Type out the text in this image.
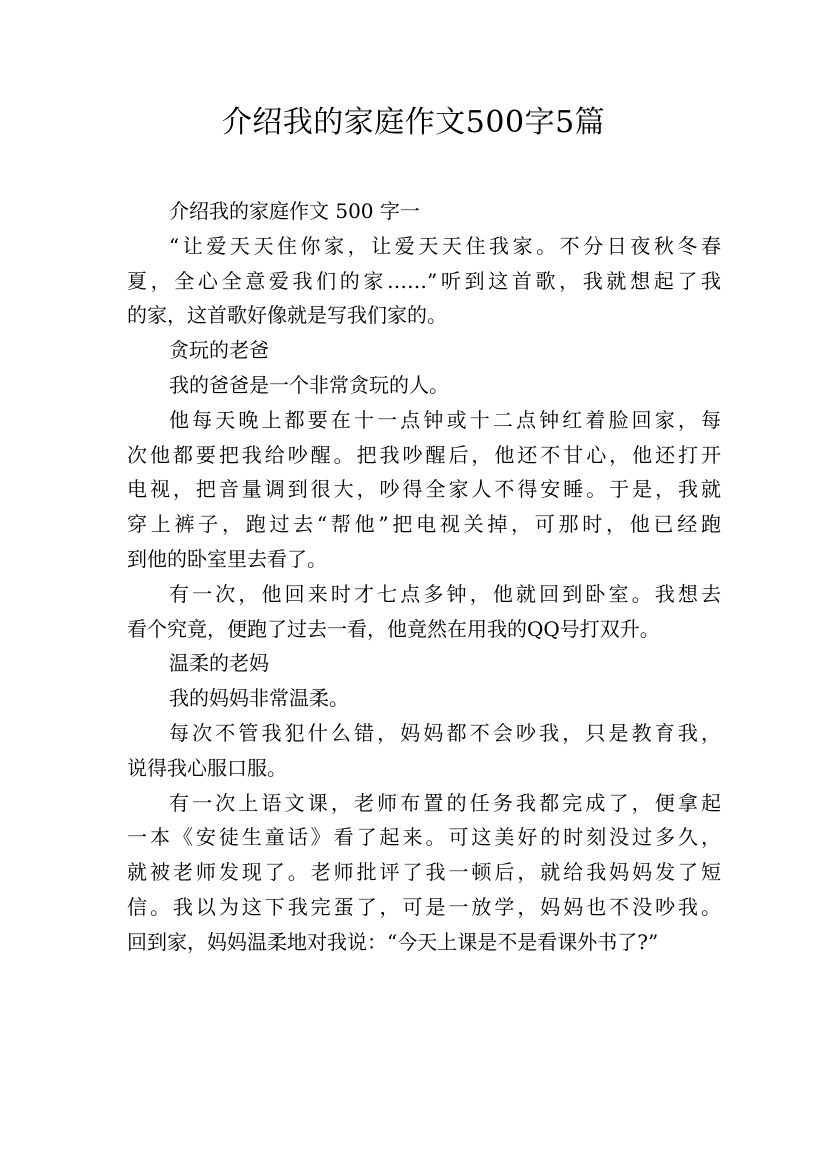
介绍我的家庭作文500字5篇
介绍我的家庭作文 500 字一
“让爱天天住你家，让爱天天住我家。不分日夜秋冬春
夏，全心全意爱我们的家……”听到这首歌，我就想起了我
的家，这首歌好像就是写我们家的。
贪玩的老爸
我的爸爸是一个非常贪玩的人。
他每天晚上都要在十一点钟或十二点钟红着脸回家，每
次他都要把我给吵醒。把我吵醒后，他还不甘心，他还打开
电视，把音量调到很大，吵得全家人不得安睡。于是，我就
穿上裤子，跑过去“帮他”把电视关掉，可那时，他已经跑
到他的卧室里去看了。
有一次，他回来时才七点多钟，他就回到卧室。我想去
看个究竟，便跑了过去一看，他竟然在用我的QQ号打双升。
温柔的老妈
我的妈妈非常温柔。
每次不管我犯什么错，妈妈都不会吵我，只是教育我，
说得我心服口服。
有一次上语文课，老师布置的任务我都完成了，便拿起
一本《安徒生童话》看了起来。可这美好的时刻没过多久，
就被老师发现了。老师批评了我一顿后，就给我妈妈发了短
信。我以为这下我完蛋了，可是一放学，妈妈也不没吵我。
回到家，妈妈温柔地对我说：“今天上课是不是看课外书了?”
